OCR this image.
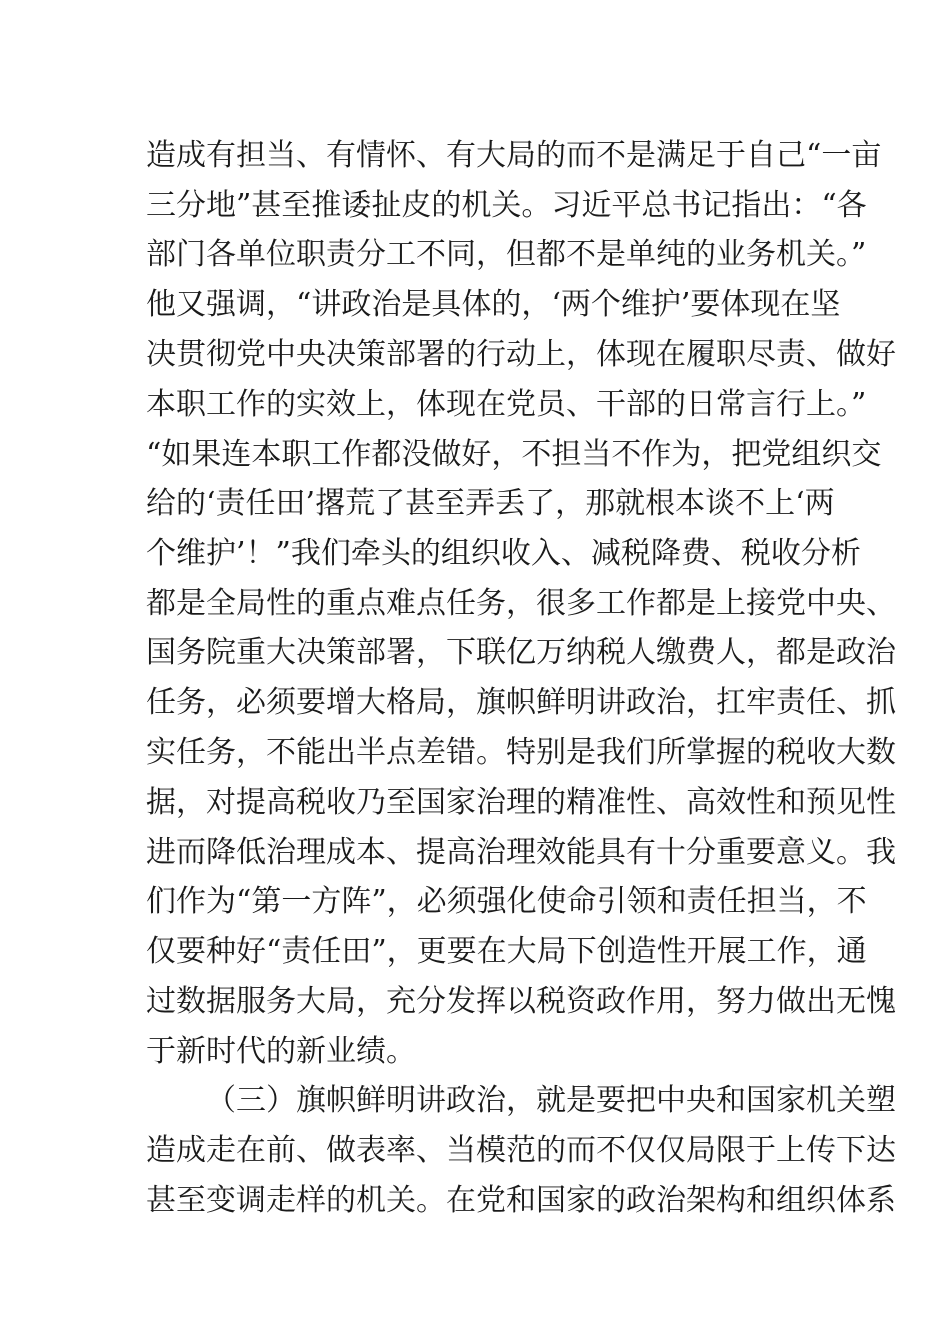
造成有担当、有情怀、有大局的而不是满足于自己“一亩
三分地”甚至推诿扯皮的机关。习近平总书记指出：“各
部门各单位职责分工不同，但都不是单纯的业务机关。”
他又强调，“讲政治是具体的，‘两个维护’要体现在坚
决贯彻党中央决策部署的行动上，体现在履职尽责、做好
本职工作的实效上，体现在党员、干部的日常言行上。”
“如果连本职工作都没做好，不担当不作为，把党组织交
给的‘责任田’撂荒了甚至弄丢了，那就根本谈不上‘两
个维护’！”我们牵头的组织收入、减税降费、税收分析
都是全局性的重点难点任务，很多工作都是上接党中央、
国务院重大决策部署，下联亿万纳税人缴费人，都是政治
任务，必须要增大格局，旗帜鲜明讲政治，扛牢责任、抓
实任务，不能出半点差错。特别是我们所掌握的税收大数
据，对提高税收乃至国家治理的精准性、高效性和预见性
进而降低治理成本、提高治理效能具有十分重要意义。我
们作为“第一方阵”，必须强化使命引领和责任担当，不
仅要种好“责任田”，更要在大局下创造性开展工作，通
过数据服务大局，充分发挥以税资政作用，努力做出无愧
于新时代的新业绩。
（三）旗帜鲜明讲政治，就是要把中央和国家机关塑
造成走在前、做表率、当模范的而不仅仅局限于上传下达
甚至变调走样的机关。在党和国家的政治架构和组织体系
